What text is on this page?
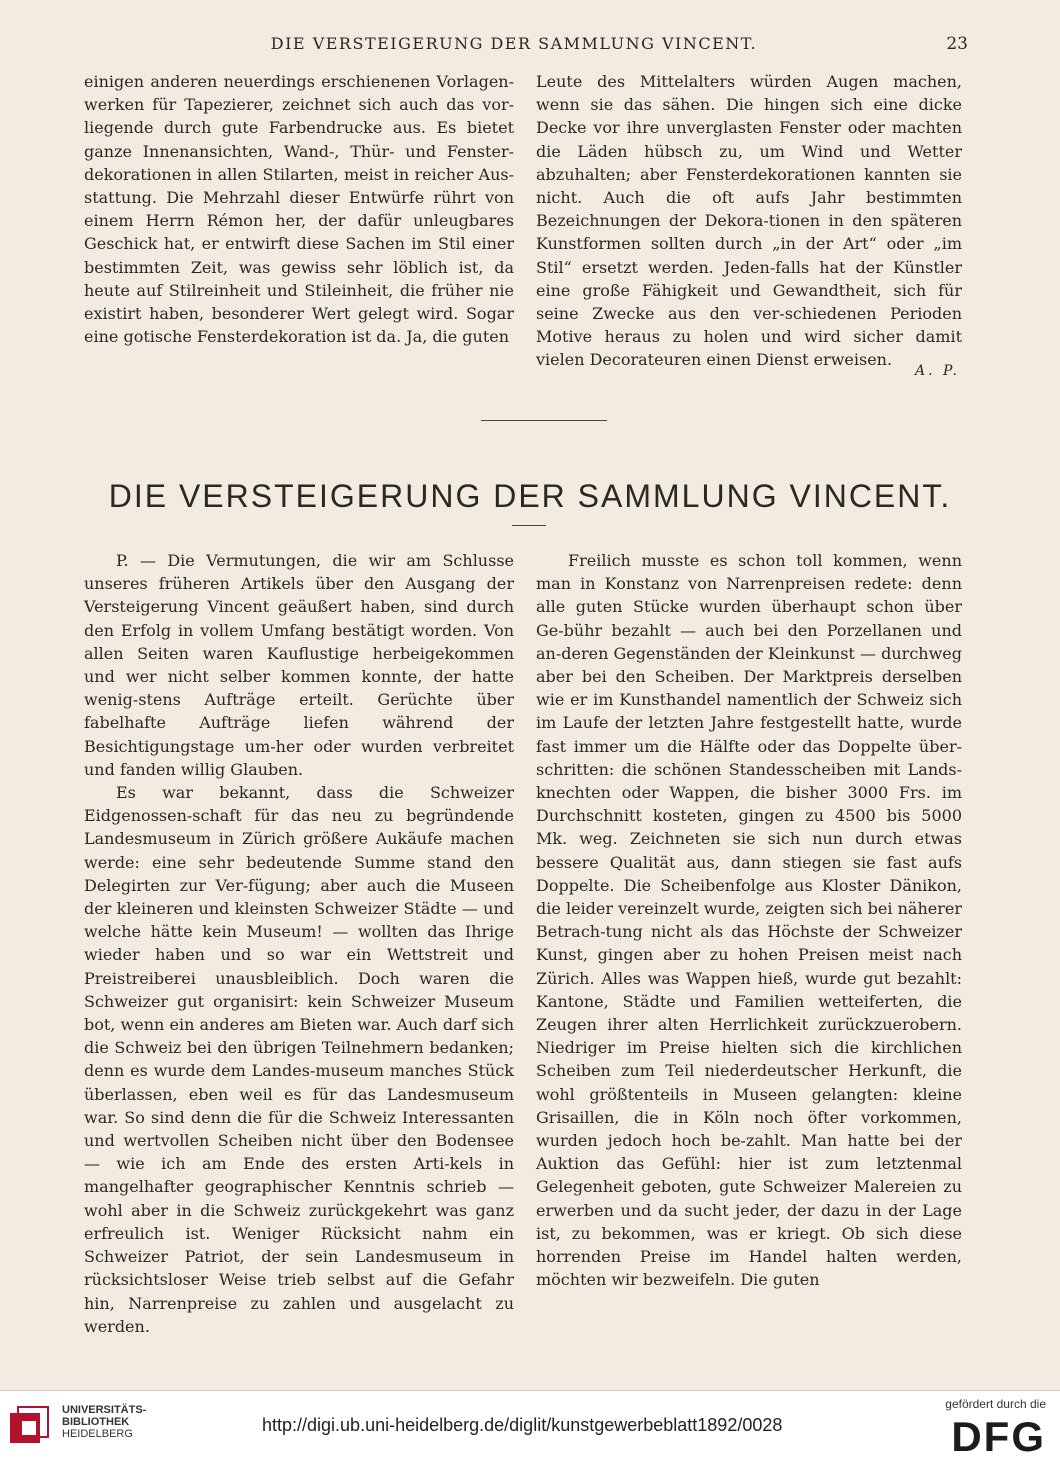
DIE VERSTEIGERUNG DER SAMMLUNG VINCENT.	23

einigen anderen neuerdings erschienenen Vorlagen-werken für Tapezierer, zeichnet sich auch das vor-liegende durch gute Farbendrucke aus. Es bietet ganze Innenansichten, Wand-, Thür- und Fenster-dekorationen in allen Stilarten, meist in reicher Aus-stattung. Die Mehrzahl dieser Entwürfe rührt von einem Herrn Rémon her, der dafür unleugbares Geschick hat, er entwirft diese Sachen im Stil einer bestimmten Zeit, was gewiss sehr löblich ist, da heute auf Stilreinheit und Stileinheit, die früher nie existirt haben, besonderer Wert gelegt wird. Sogar eine gotische Fensterdekoration ist da. Ja, die guten

Leute des Mittelalters würden Augen machen, wenn sie das sähen. Die hingen sich eine dicke Decke vor ihre unverglasten Fenster oder machten die Läden hübsch zu, um Wind und Wetter abzuhalten; aber Fensterdekorationen kannten sie nicht. Auch die oft aufs Jahr bestimmten Bezeichnungen der Dekora-tionen in den späteren Kunstformen sollten durch „in der Art“ oder „im Stil“ ersetzt werden. Jeden-falls hat der Künstler eine große Fähigkeit und Gewandtheit, sich für seine Zwecke aus den ver-schiedenen Perioden Motive heraus zu holen und wird sicher damit vielen Decorateuren einen Dienst erweisen.

A. P.
DIE VERSTEIGERUNG DER SAMMLUNG VINCENT.

P. — Die Vermutungen, die wir am Schlusse unseres früheren Artikels über den Ausgang der Versteigerung Vincent geäußert haben, sind durch den Erfolg in vollem Umfang bestätigt worden. Von allen Seiten waren Kauflustige herbeigekommen und wer nicht selber kommen konnte, der hatte wenig-stens Aufträge erteilt. Gerüchte über fabelhafte Aufträge liefen während der Besichtigungstage um-her oder wurden verbreitet und fanden willig Glauben.

Es war bekannt, dass die Schweizer Eidgenossen-schaft für das neu zu begründende Landesmuseum in Zürich größere Aukäufe machen werde: eine sehr bedeutende Summe stand den Delegirten zur Ver-fügung; aber auch die Museen der kleineren und kleinsten Schweizer Städte — und welche hätte kein Museum! — wollten das Ihrige wieder haben und so war ein Wettstreit und Preistreiberei unausbleiblich. Doch waren die Schweizer gut organisirt: kein Schweizer Museum bot, wenn ein anderes am Bieten war. Auch darf sich die Schweiz bei den übrigen Teilnehmern bedanken; denn es wurde dem Landes-museum manches Stück überlassen, eben weil es für das Landesmuseum war. So sind denn die für die Schweiz Interessanten und wertvollen Scheiben nicht über den Bodensee — wie ich am Ende des ersten Arti-kels in mangelhafter geographischer Kenntnis schrieb — wohl aber in die Schweiz zurückgekehrt was ganz erfreulich ist. Weniger Rücksicht nahm ein Schweizer Patriot, der sein Landesmuseum in rücksichtsloser Weise trieb selbst auf die Gefahr hin, Narrenpreise zu zahlen und ausgelacht zu werden.

Freilich musste es schon toll kommen, wenn man in Konstanz von Narrenpreisen redete: denn alle guten Stücke wurden überhaupt schon über Ge-bühr bezahlt — auch bei den Porzellanen und an-deren Gegenständen der Kleinkunst — durchweg aber bei den Scheiben. Der Marktpreis derselben wie er im Kunsthandel namentlich der Schweiz sich im Laufe der letzten Jahre festgestellt hatte, wurde fast immer um die Hälfte oder das Doppelte über-schritten: die schönen Standesscheiben mit Lands-knechten oder Wappen, die bisher 3000 Frs. im Durchschnitt kosteten, gingen zu 4500 bis 5000 Mk. weg. Zeichneten sie sich nun durch etwas bessere Qualität aus, dann stiegen sie fast aufs Doppelte. Die Scheibenfolge aus Kloster Dänikon, die leider vereinzelt wurde, zeigten sich bei näherer Betrach-tung nicht als das Höchste der Schweizer Kunst, gingen aber zu hohen Preisen meist nach Zürich. Alles was Wappen hieß, wurde gut bezahlt: Kantone, Städte und Familien wetteiferten, die Zeugen ihrer alten Herrlichkeit zurückzuerobern. Niedriger im Preise hielten sich die kirchlichen Scheiben zum Teil niederdeutscher Herkunft, die wohl größtenteils in Museen gelangten: kleine Grisaillen, die in Köln noch öfter vorkommen, wurden jedoch hoch be-zahlt. Man hatte bei der Auktion das Gefühl: hier ist zum letztenmal Gelegenheit geboten, gute Schweizer Malereien zu erwerben und da sucht jeder, der dazu in der Lage ist, zu bekommen, was er kriegt. Ob sich diese horrenden Preise im Handel halten werden, möchten wir bezweifeln. Die guten

UNIVERSITÄTS-
BIBLIOTHEK
HEIDELBERG	http://digi.ub.uni-heidelberg.de/diglit/kunstgewerbeblatt1892/0028
gefördert durch die
DFG
